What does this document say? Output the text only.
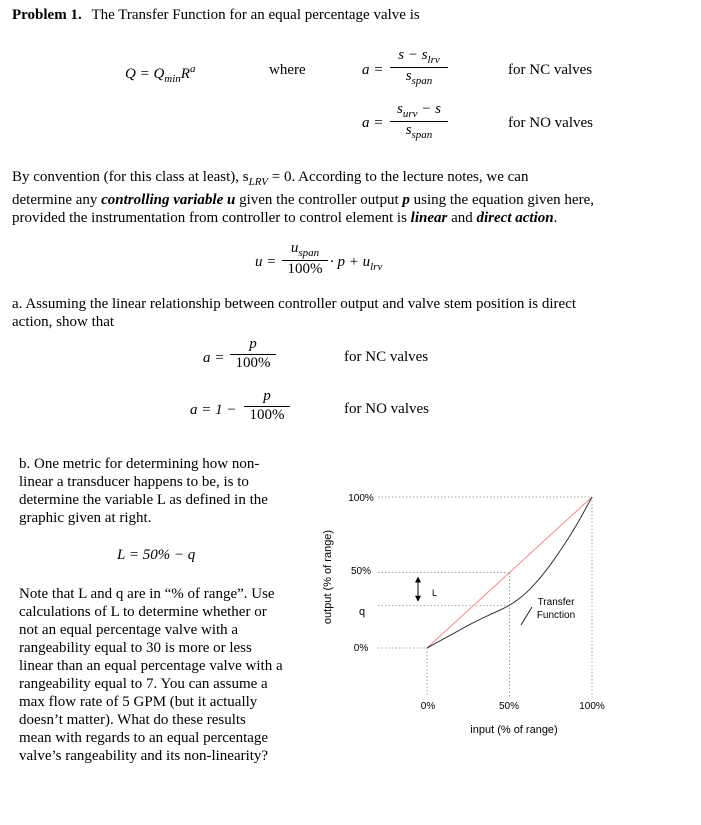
Problem 1. The Transfer Function for an equal percentage valve is
$Q = Q_{min}R^a$	where	a =
$s - s_{lrv}$
$s_{span}$
for NC valves
a =
$s_{urv} - s$
$s_{span}$
for NO valves
By convention (for this class at least), $s_{LRV} = 0$. According to the lecture notes, we can
determine any controlling variable u given the controller output p using the equation given here,
provided the instrumentation from controller to control element is linear and direct action.
u =
$u_{span}$
$100\% \cdot p + u_{lrv}$
a. Assuming the linear relationship between controller output and valve stem position is direct
action, show that
a =
p
100%	for NC valves
a = 1 −
p
100%	for NO valves
b. One metric for determining how non-
linear a transducer happens to be, is to
determine the variable L as defined in the
graphic given at right.
L = 50% − q
Note that L and q are in “% of range”. Use
calculations of L to determine whether or
not an equal percentage valve with a
rangeability equal to 30 is more or less
linear than an equal percentage valve with a
rangeability equal to 7. You can assume a
max flow rate of 5 GPM (but it actually
doesn’t matter). What do these results
mean with regards to an equal percentage
valve’s rangeability and its non-linearity?
output (% of range)
input (% of range)
100%
50%
q
0%
0%	50%	100%
L
Transfer
Function
